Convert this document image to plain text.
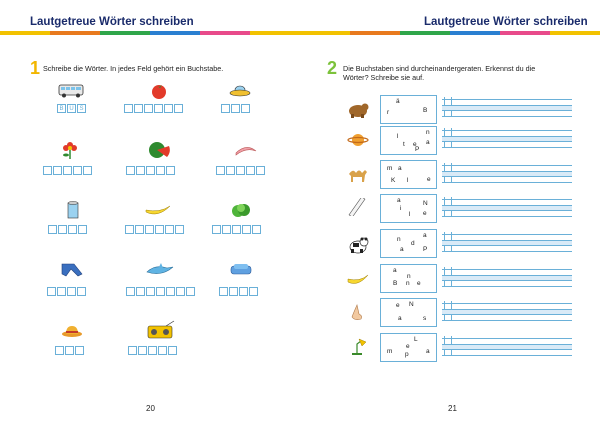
Lautgetreue Wörter schreiben
1 Schreibe die Wörter. In jedes Feld gehört ein Buchstabe.
B U S
20
Lautgetreue Wörter schreiben
2 Die Buchstaben sind durcheinandergeraten. Erkennst du die
Wörter? Schreibe sie auf.
ä
r	B
n
l
t e a
P
m a
K l	e
a	N
i
e
l
a
n
d
a	P
a
n
B n e
e N
a	s
L
e
m p	a
21
